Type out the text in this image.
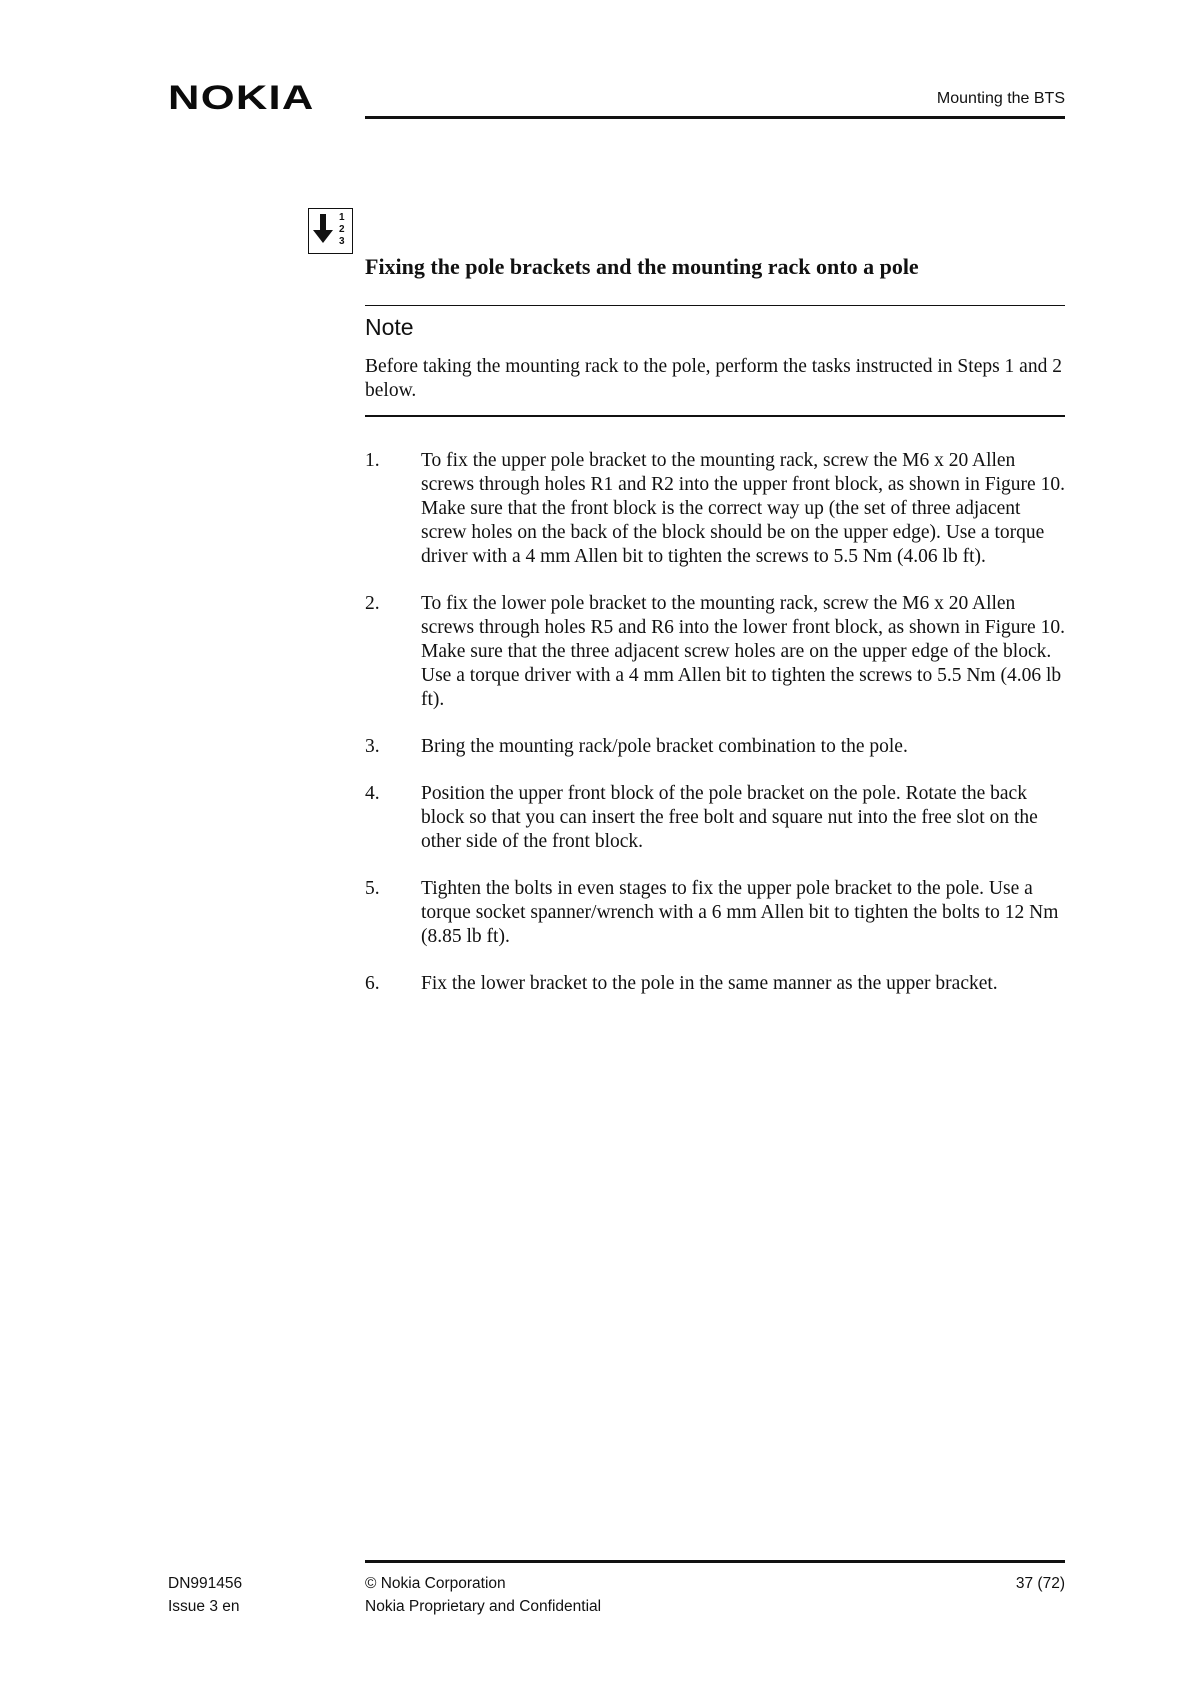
NOKIA	Mounting the BTS
1
2
3
Fixing the pole brackets and the mounting rack onto a pole
Note
Before taking the mounting rack to the pole, perform the tasks instructed in Steps 1 and 2 below.
1. To fix the upper pole bracket to the mounting rack, screw the M6 x 20 Allen screws through holes R1 and R2 into the upper front block, as shown in Figure 10. Make sure that the front block is the correct way up (the set of three adjacent screw holes on the back of the block should be on the upper edge). Use a torque driver with a 4 mm Allen bit to tighten the screws to 5.5 Nm (4.06 lb ft).
2. To fix the lower pole bracket to the mounting rack, screw the M6 x 20 Allen screws through holes R5 and R6 into the lower front block, as shown in Figure 10. Make sure that the three adjacent screw holes are on the upper edge of the block. Use a torque driver with a 4 mm Allen bit to tighten the screws to 5.5 Nm (4.06 lb ft).
3. Bring the mounting rack/pole bracket combination to the pole.
4. Position the upper front block of the pole bracket on the pole. Rotate the back block so that you can insert the free bolt and square nut into the free slot on the other side of the front block.
5. Tighten the bolts in even stages to fix the upper pole bracket to the pole. Use a torque socket spanner/wrench with a 6 mm Allen bit to tighten the bolts to 12 Nm (8.85 lb ft).
6. Fix the lower bracket to the pole in the same manner as the upper bracket.
DN991456
Issue 3 en
© Nokia Corporation
Nokia Proprietary and Confidential
37 (72)
